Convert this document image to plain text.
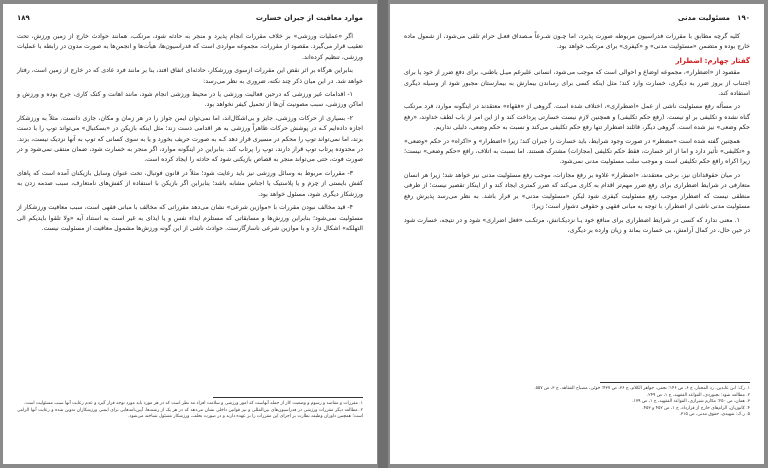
موارد معافیت از جبران خسارت
۱۸۹

اگر «عملیات ورزشی» بر خلاف مقررات انجام پذیرد و منجر به حادثه شود، مرتکب، همانند حوادث خارج از زمین ورزش، تحت تعقیب قرار می‌گیرد. مقصود از مقررات، مجموعه مواردی است که فدراسیون‌ها، هیأت‌ها و انجمن‌ها به صورت مدون در رابطه با عملیات ورزشی، تنظیم کرده‌اند.

بنابراین هرگاه بر اثر نقض این مقررات ازسوی ورزشکار، حادثه‌ای اتفاق افتد، بنا بر مانند فرد عادی که در خارج از زمین است، رفتار خواهد شد. در این میان ذکر چند نکته، ضروری به نظر می‌رسد:

۱- اقدامات غیر ورزشی که درحین فعالیت ورزشی یا در محیط ورزشی انجام شود، مانند اهانت و کتک کاری، جرح بوده و ورزش و اماکن ورزشی، سبب مصونیت آن‌ها از تحمیل کیفر نخواهد بود.

۲- بسیاری از حرکات ورزشی، جایز و بی‌اشکال‌اند، اما نمی‌توان ایمن جواز را در هر زمان و مکان، جاری دانست. مثلاً به ورزشکار اجازه داده‌ایم کـه در پوشش حرکات ظاهراً ورزشی به هر اقدامی دست زند؛ مثل اینکه بازیکن در «بسکتبال» می‌تواند توپ را با دست بزند، اما نمی‌تواند توپ را محکم در مسیری قرار دهد کـه به صورت حریف بخورد و یا به سوی کسانی که توپ به آنها نزدیک نیست، بزند. در محدوده پرتاب توپ قرار دارند، توپ را پرتاب کند. بنابراین در اینگونه موارد، اگر منجر به خسارت شود، ضمان منتفی نمی‌شود و در صورت فوت، حتی می‌تواند منجر به قصاص بازیکنی شود که حادثه را ایجاد کرده است.

۳- مقررات مربوط به وسائل ورزشی نیز باید رعایت شود؛ مثلاً در قانون فوتبال، تحت عنوان وسایل بازیکنان آمده است که پاهای کفش بایستی از چرم و یا پلاستیک یا اجناس مشابه باشد؛ بنابراین اگر بازیکن با استفاده از کفش‌های نامتعارف، سبب صدمه زدن به ورزشکار دیگری شود، مسئول خواهد بود.

۴- قید مخالف نبودن مقررات با «موازین شرعی» نشان می‌دهد مقرراتی که مخالف با مبانی فقهی است، سبب معافیت ورزشکار از مسئولیت نمی‌شود؛ بنابراین ورزش‌ها و مسابقاتی که مستلزم ایذاء نفس و یا ایذای به غیر است به استناد آیه «ولا تلقوا بایدیکم الی التهلکه» اشکال دارد و با موازین شرعی ناسازگارست. حوادث ناشی از این گونه ورزش‌ها مشمول معافیت از مسئولیت نیست.

۱. مقررات و مقاصد و رسوم و وضعیت کار از جمله آنهاست که امور ورزشی و سلامت افراد مد نظر است که در هر مورد باید مورد توجه قرار گیرد و عدم رعایت آنها سبب مسئولیت است.
۲. مطالعه دیگر مقررات ورزشی در فدراسیون‌های بین‌المللی و نیز قوانین داخلی نشان می‌دهد که در هر یک از رشته‌ها، آیین‌نامه‌هایی برای ایمنی ورزشکاران تدوین شده و رعایت آنها الزامی است؛ همچنین داوران وظیفه نظارت بر اجرای این مقررات را بر عهده دارند و در صورت تخلف، ورزشکار مسئول شناخته می‌شود.
مسئولیت مدنی ۱۹۰

کلیه گرچه مطابق با مقررات فدراسیون مربوطه صورت پذیرد، اما چـون شـرعاً مـصداق فعـل حرام تلقی می‌شود، از شمول ماده خارج بوده و متضمن «مسئولیت مدنی» و «کیفری» برای مرتکب خواهد بود.

گفتار چهارم: اضطرار

مقصود از «اضطرار»، مجموعه اوضاع و احوالی است که موجب می‌شود، انسانی علیرغم میـل باطنی، برای دفع ضرر از خود یا برای اجتناب از بروز ضرر به دیگری، خسارت وارد کند؛ مثل اینکه کسی برای رساندن بیمارش به بیمارستان مجبور شود از وسیله دیگری استفاده کند.

در مسأله رفع مسئولیت ناشی از عمل «اضطراری»، اختلاف شده است. گروهی از «فقهاء» معتقدند در اینگونه موارد، فرد مرتکب گناه نشده و تکلیفی بر او نیست. (رفع حکم تکلیفی) و همچنین لازم نیست خسارتی پرداخت کند و از این امر از باب لطف خداوند، «رفع حکم وضعی» نیز شده است. گروهی دیگر، قائلند اضطرار تنها رفع حکم تکلیفی می‌کند و نسبت به حکم وضعی، دلیلی نداریم.

همچنین گفته شده است «مضطر» در صورت وجود شرایط، باید خسارت را جبران کند؛ زیرا «اضطرار» و «اکراه» در حکم «وضعی» و «تکلیفی» تأثیر دارد و اما از اثر خسارت، فقط حکم تکلیفی (مجازات) مشترک هستند. اما نسبت به اتلاف، رافع «حکم وضعی» نیست؛ زیرا اکراه رافع حکم تکلیفی است و موجب سلب مسئولیت مدنی نمی‌شود.

در میان حقوقدانان نیز، برخی معتقدند، «اضطرار» علاوه بر رفع مجازات، موجب رفع مسئولیت مدنی نیز خواهد شد؛ زیرا هر انسان متعارفی در شرایط اضطراری برای رفع ضرر مهم‌تر اقدام به کاری می‌کند که ضرر کمتری ایجاد کند و از اینکار تقصیر نیست؛ از طرفی منطقی نیست که اضطرار موجب رفع مسئولیت کیفری شود لیکن «مسئولیت مدنی» بر قرار باشد. به نظر می‌رسد پذیرش رفع مسئولیت مدنی ناشی از اضطرار، با توجه به مبانی فقهی و حقوقی دشوار است؛ زیرا:

۱. معنی ندارد که کسی در شرایط اضطراری برای منافع خود یـا نزدیکـانش، مرتکـب «فعل اضراری» شود و در نتیجه، خسارت شود در حین حال، در کمال آرامش، بی خسارت بماند و زیان وارده بر دیگری،

۱. رک: ابن عابدین، رد المحتار، ج ۶، ص ۱۴۶؛ نجفی، جواهر الکلام، ج ۳۶، ص ۴۳۷؛ خوئی، مصباح الفقاهه، ج ۳، ص ۵۵۷.
۲. مطالعه شود: بجنوردی، القواعد الفقهیه، ج ۱، ص ۲۴۹.
۳. همان، ص ۲۵۰؛ مکارم شیرازی، القواعد الفقهیه، ج ۱، ص ۱۷۹.
۴. کاتوزیان، الزام‌های خارج از قرارداد، ج ۱، ص ۴۵۲ و ۴۵۳.
۵. ر.ک: شهیدی، حقوق مدنی، ص ۳۱۵.
